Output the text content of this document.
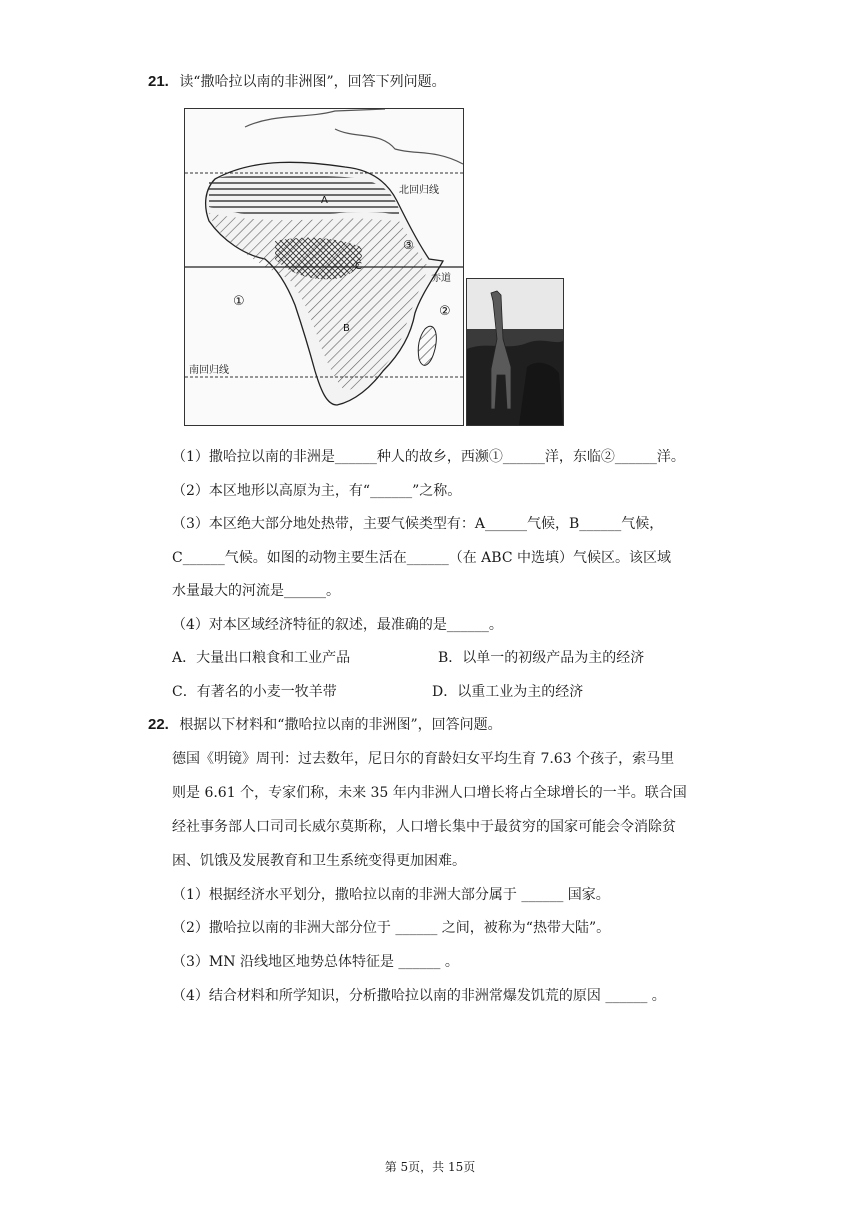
21. 读“撒哈拉以南的非洲图”，回答下列问题。
A
B
C
①
②
③
北回归线
赤道
南回归线
（1）撒哈拉以南的非洲是______种人的故乡，西濒①______洋，东临②______洋。
（2）本区地形以高原为主，有“______”之称。
（3）本区绝大部分地处热带，主要气候类型有：A______气候，B______气候，
C______气候。如图的动物主要生活在______（在 ABC 中选填）气候区。该区域
水量最大的河流是______。
（4）对本区域经济特征的叙述，最准确的是______。
A．大量出口粮食和工业产品	B．以单一的初级产品为主的经济
C．有著名的小麦一牧羊带	D．以重工业为主的经济
22. 根据以下材料和“撒哈拉以南的非洲图”，回答问题。
德国《明镜》周刊：过去数年，尼日尔的育龄妇女平均生育 7.63 个孩子，索马里
则是 6.61 个，专家们称，未来 35 年内非洲人口增长将占全球增长的一半。联合国
经社事务部人口司司长威尔莫斯称，人口增长集中于最贫穷的国家可能会令消除贫
困、饥饿及发展教育和卫生系统变得更加困难。
（1）根据经济水平划分，撒哈拉以南的非洲大部分属于 ______ 国家。
（2）撒哈拉以南的非洲大部分位于 ______ 之间，被称为“热带大陆”。
（3）MN 沿线地区地势总体特征是 ______ 。
（4）结合材料和所学知识，分析撒哈拉以南的非洲常爆发饥荒的原因 ______ 。
第 5页，共 15页
